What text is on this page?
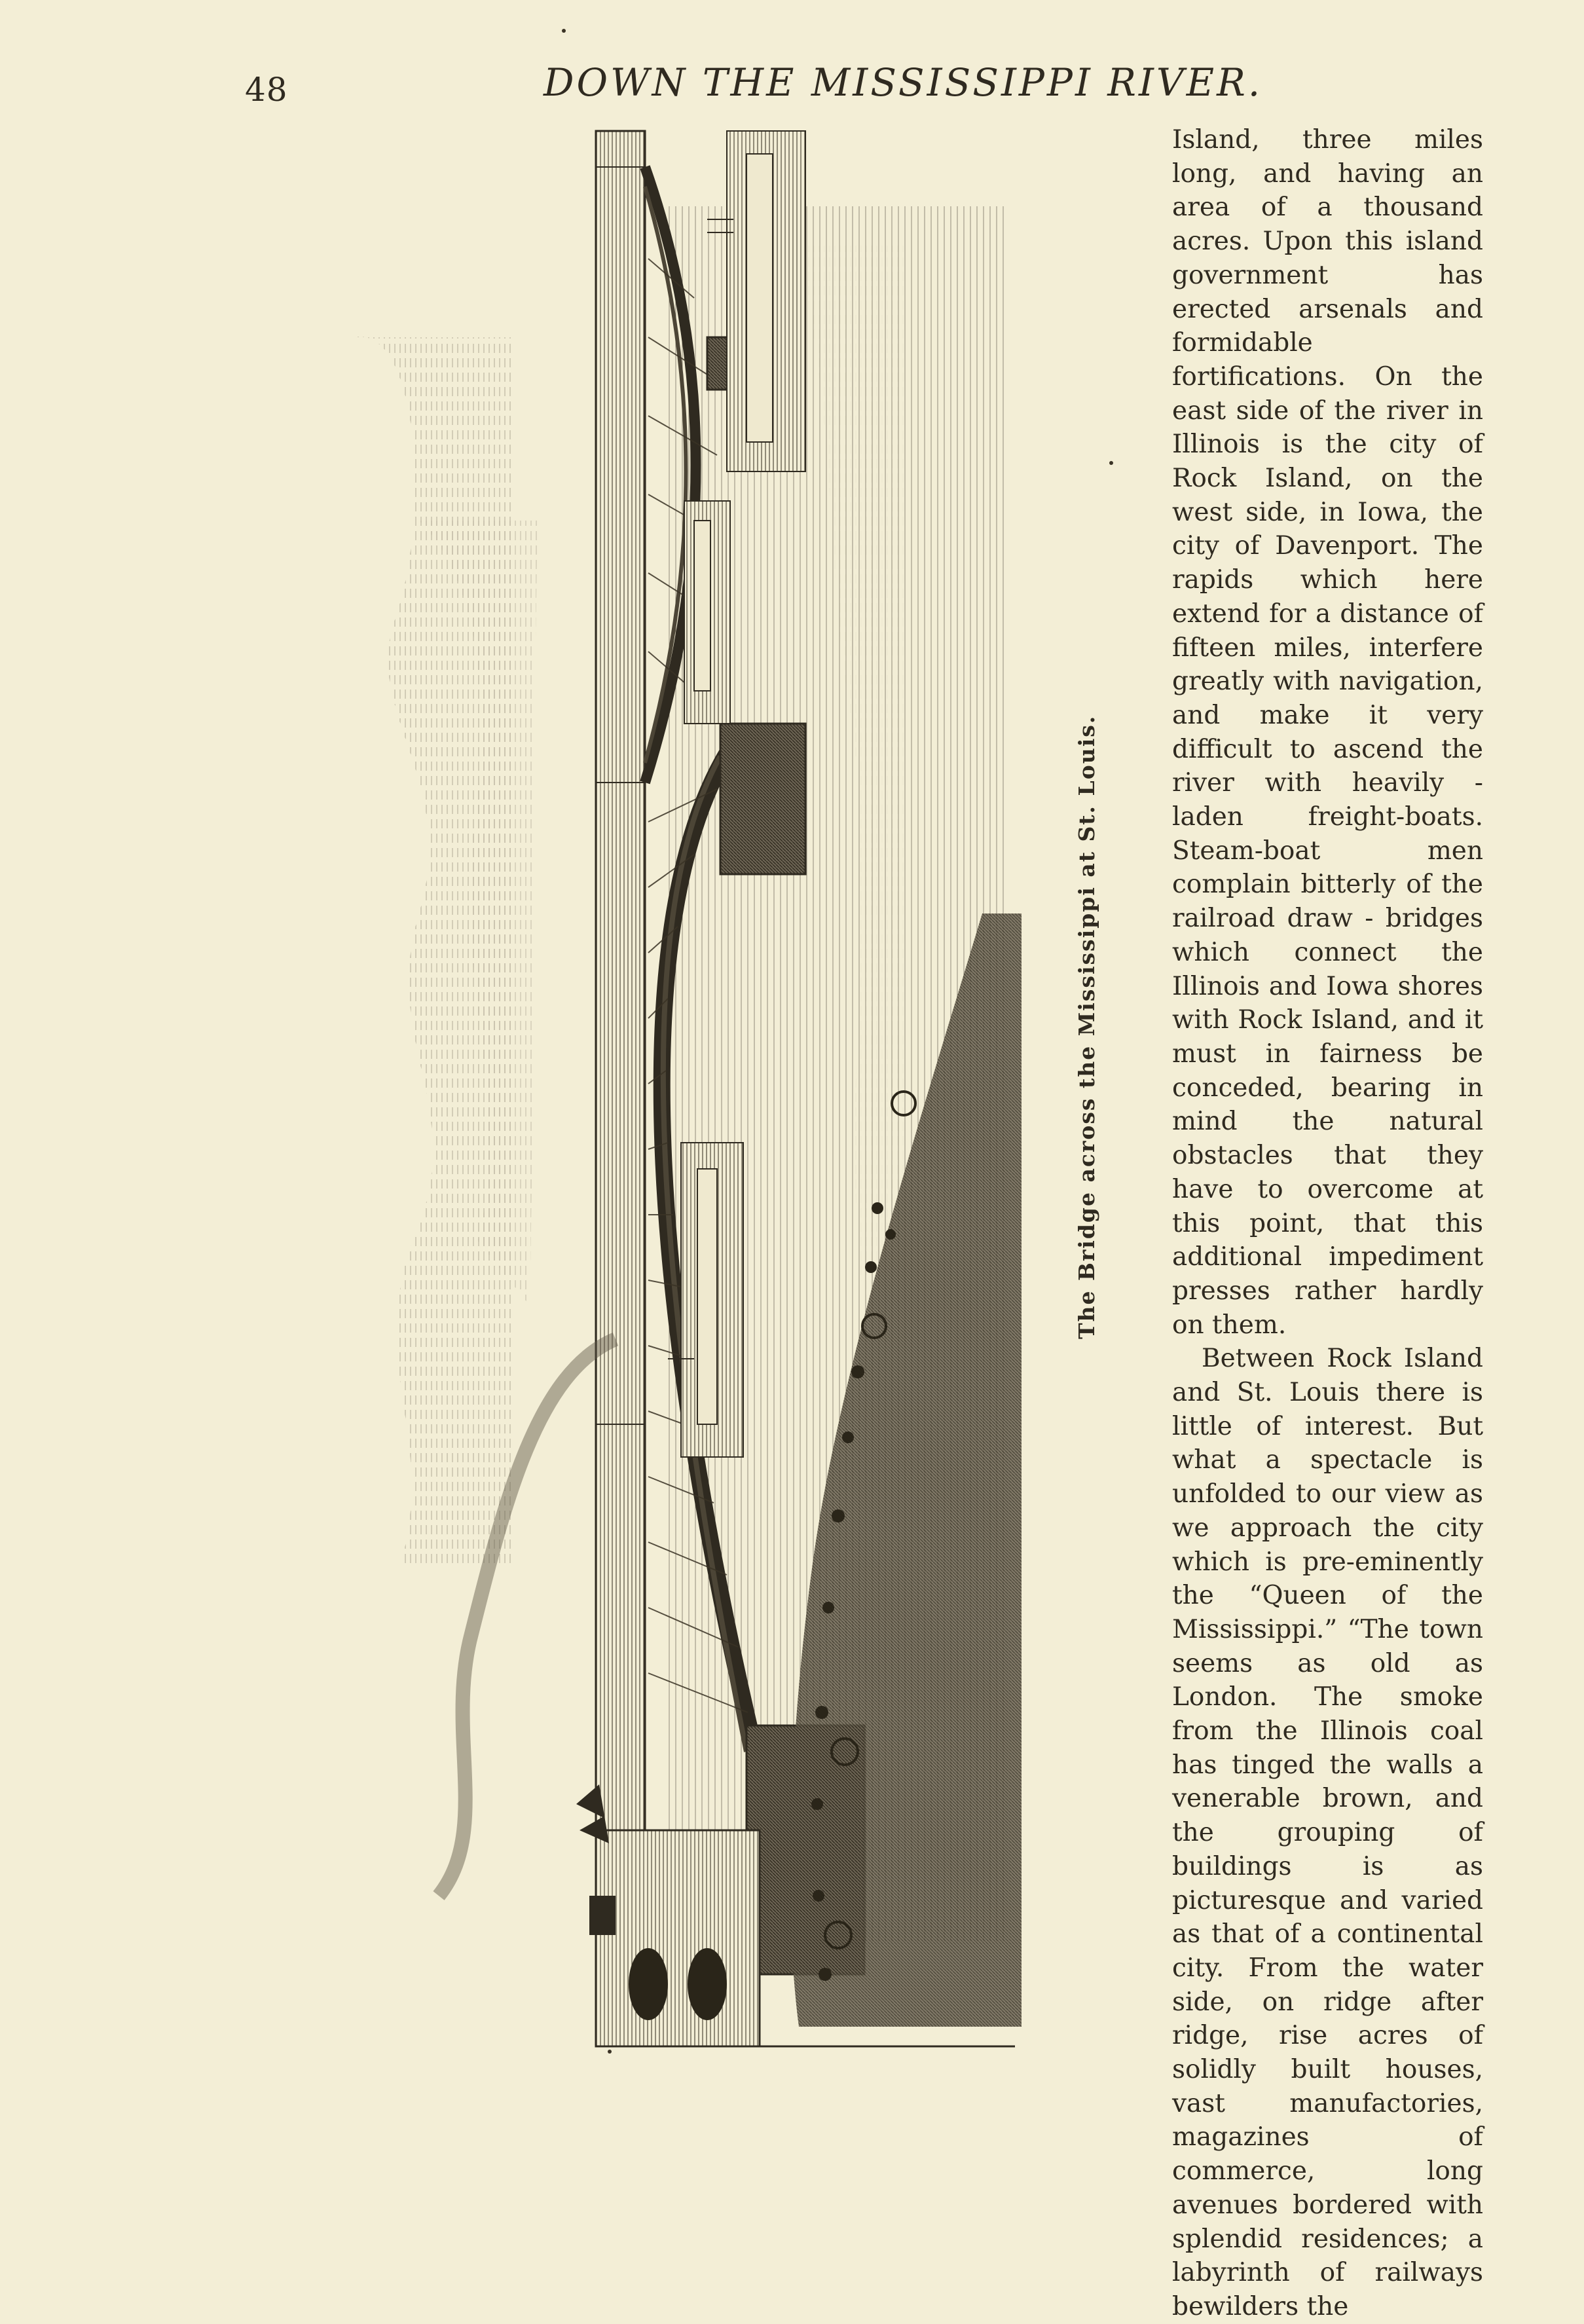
48	DOWN THE MISSISSIPPI RIVER.
The Bridge across the Mississippi at St. Louis.

Island, three miles long, and having an area of a thousand acres. Upon this island government has erected arsenals and formidable fortifications. On the east side of the river in Illinois is the city of Rock Island, on the west side, in Iowa, the city of Davenport. The rapids which here extend for a distance of fifteen miles, interfere greatly with navigation, and make it very difficult to ascend the river with heavily - laden freight-boats. Steam-boat men complain bitterly of the railroad draw - bridges which connect the Illinois and Iowa shores with Rock Island, and it must in fairness be conceded, bearing in mind the natural obstacles that they have to overcome at this point, that this additional impediment presses rather hardly on them.

Between Rock Island and St. Louis there is little of interest. But what a spectacle is unfolded to our view as we approach the city which is pre-eminently the “Queen of the Mississippi.” “The town seems as old as London. The smoke from the Illinois coal has tinged the walls a venerable brown, and the grouping of buildings is as picturesque and varied as that of a continental city. From the water side, on ridge after ridge, rise acres of solidly built houses, vast manufactories, magazines of commerce, long avenues bordered with splendid residences; a labyrinth of railways bewilders the
